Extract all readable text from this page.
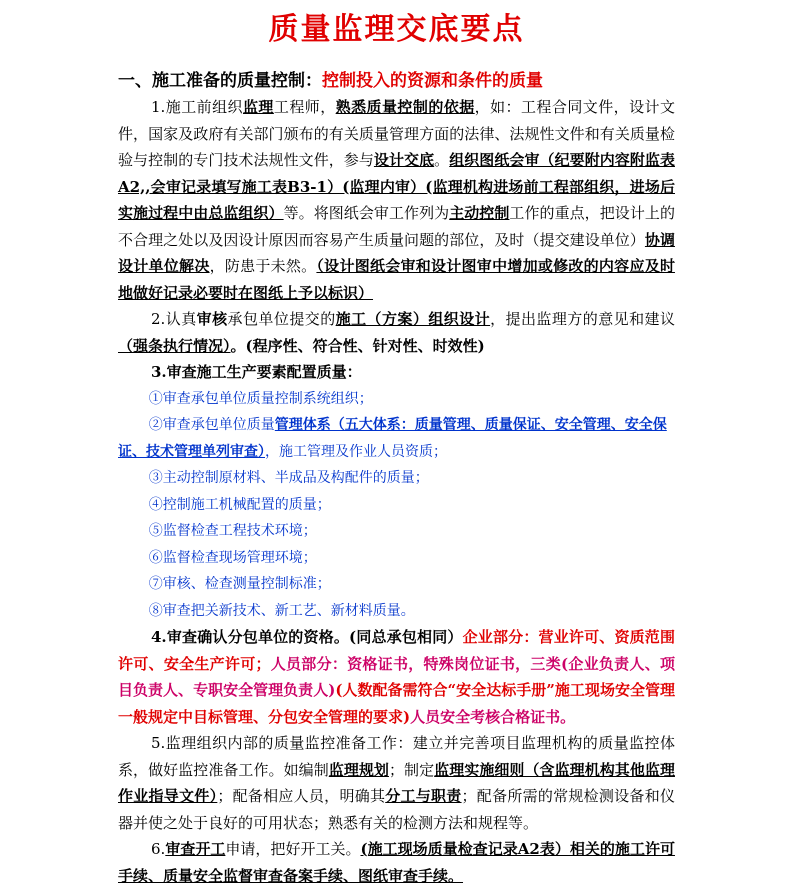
质量监理交底要点
一、施工准备的质量控制：控制投入的资源和条件的质量

1.施工前组织监理工程师，熟悉质量控制的依据，如：工程合同文件，设计文件，国家及政府有关部门颁布的有关质量管理方面的法律、法规性文件和有关质量检验与控制的专门技术法规性文件，参与设计交底。组织图纸会审（纪要附内容附监表A2,,会审记录填写施工表B3-1）(监理内审）(监理机构进场前工程部组织，进场后实施过程中由总监组织）等。将图纸会审工作列为主动控制工作的重点，把设计上的不合理之处以及因设计原因而容易产生质量问题的部位，及时（提交建设单位）协调设计单位解决，防患于未然。（设计图纸会审和设计图审中增加或修改的内容应及时地做好记录必要时在图纸上予以标识）

2.认真审核承包单位提交的施工（方案）组织设计，提出监理方的意见和建议（强条执行情况）。(程序性、符合性、针对性、时效性)

3.审查施工生产要素配置质量：

①审查承包单位质量控制系统组织；

②审查承包单位质量管理体系（五大体系：质量管理、质量保证、安全管理、安全保证、技术管理单列审查），施工管理及作业人员资质；

③主动控制原材料、半成品及构配件的质量；

④控制施工机械配置的质量；

⑤监督检查工程技术环境；

⑥监督检查现场管理环境；

⑦审核、检查测量控制标准；

⑧审查把关新技术、新工艺、新材料质量。

4.审查确认分包单位的资格。(同总承包相同）企业部分：营业许可、资质范围许可、安全生产许可；人员部分：资格证书，特殊岗位证书，三类(企业负责人、项目负责人、专职安全管理负责人)(人数配备需符合“安全达标手册”施工现场安全管理一般规定中目标管理、分包安全管理的要求)人员安全考核合格证书。

5.监理组织内部的质量监控准备工作：建立并完善项目监理机构的质量监控体系，做好监控准备工作。如编制监理规划；制定监理实施细则（含监理机构其他监理作业指导文件）；配备相应人员，明确其分工与职责；配备所需的常规检测设备和仪器并使之处于良好的可用状态；熟悉有关的检测方法和规程等。

6.审查开工申请，把好开工关。(施工现场质量检查记录A2表）相关的施工许可手续、质量安全监督审查备案手续、图纸审查手续。
